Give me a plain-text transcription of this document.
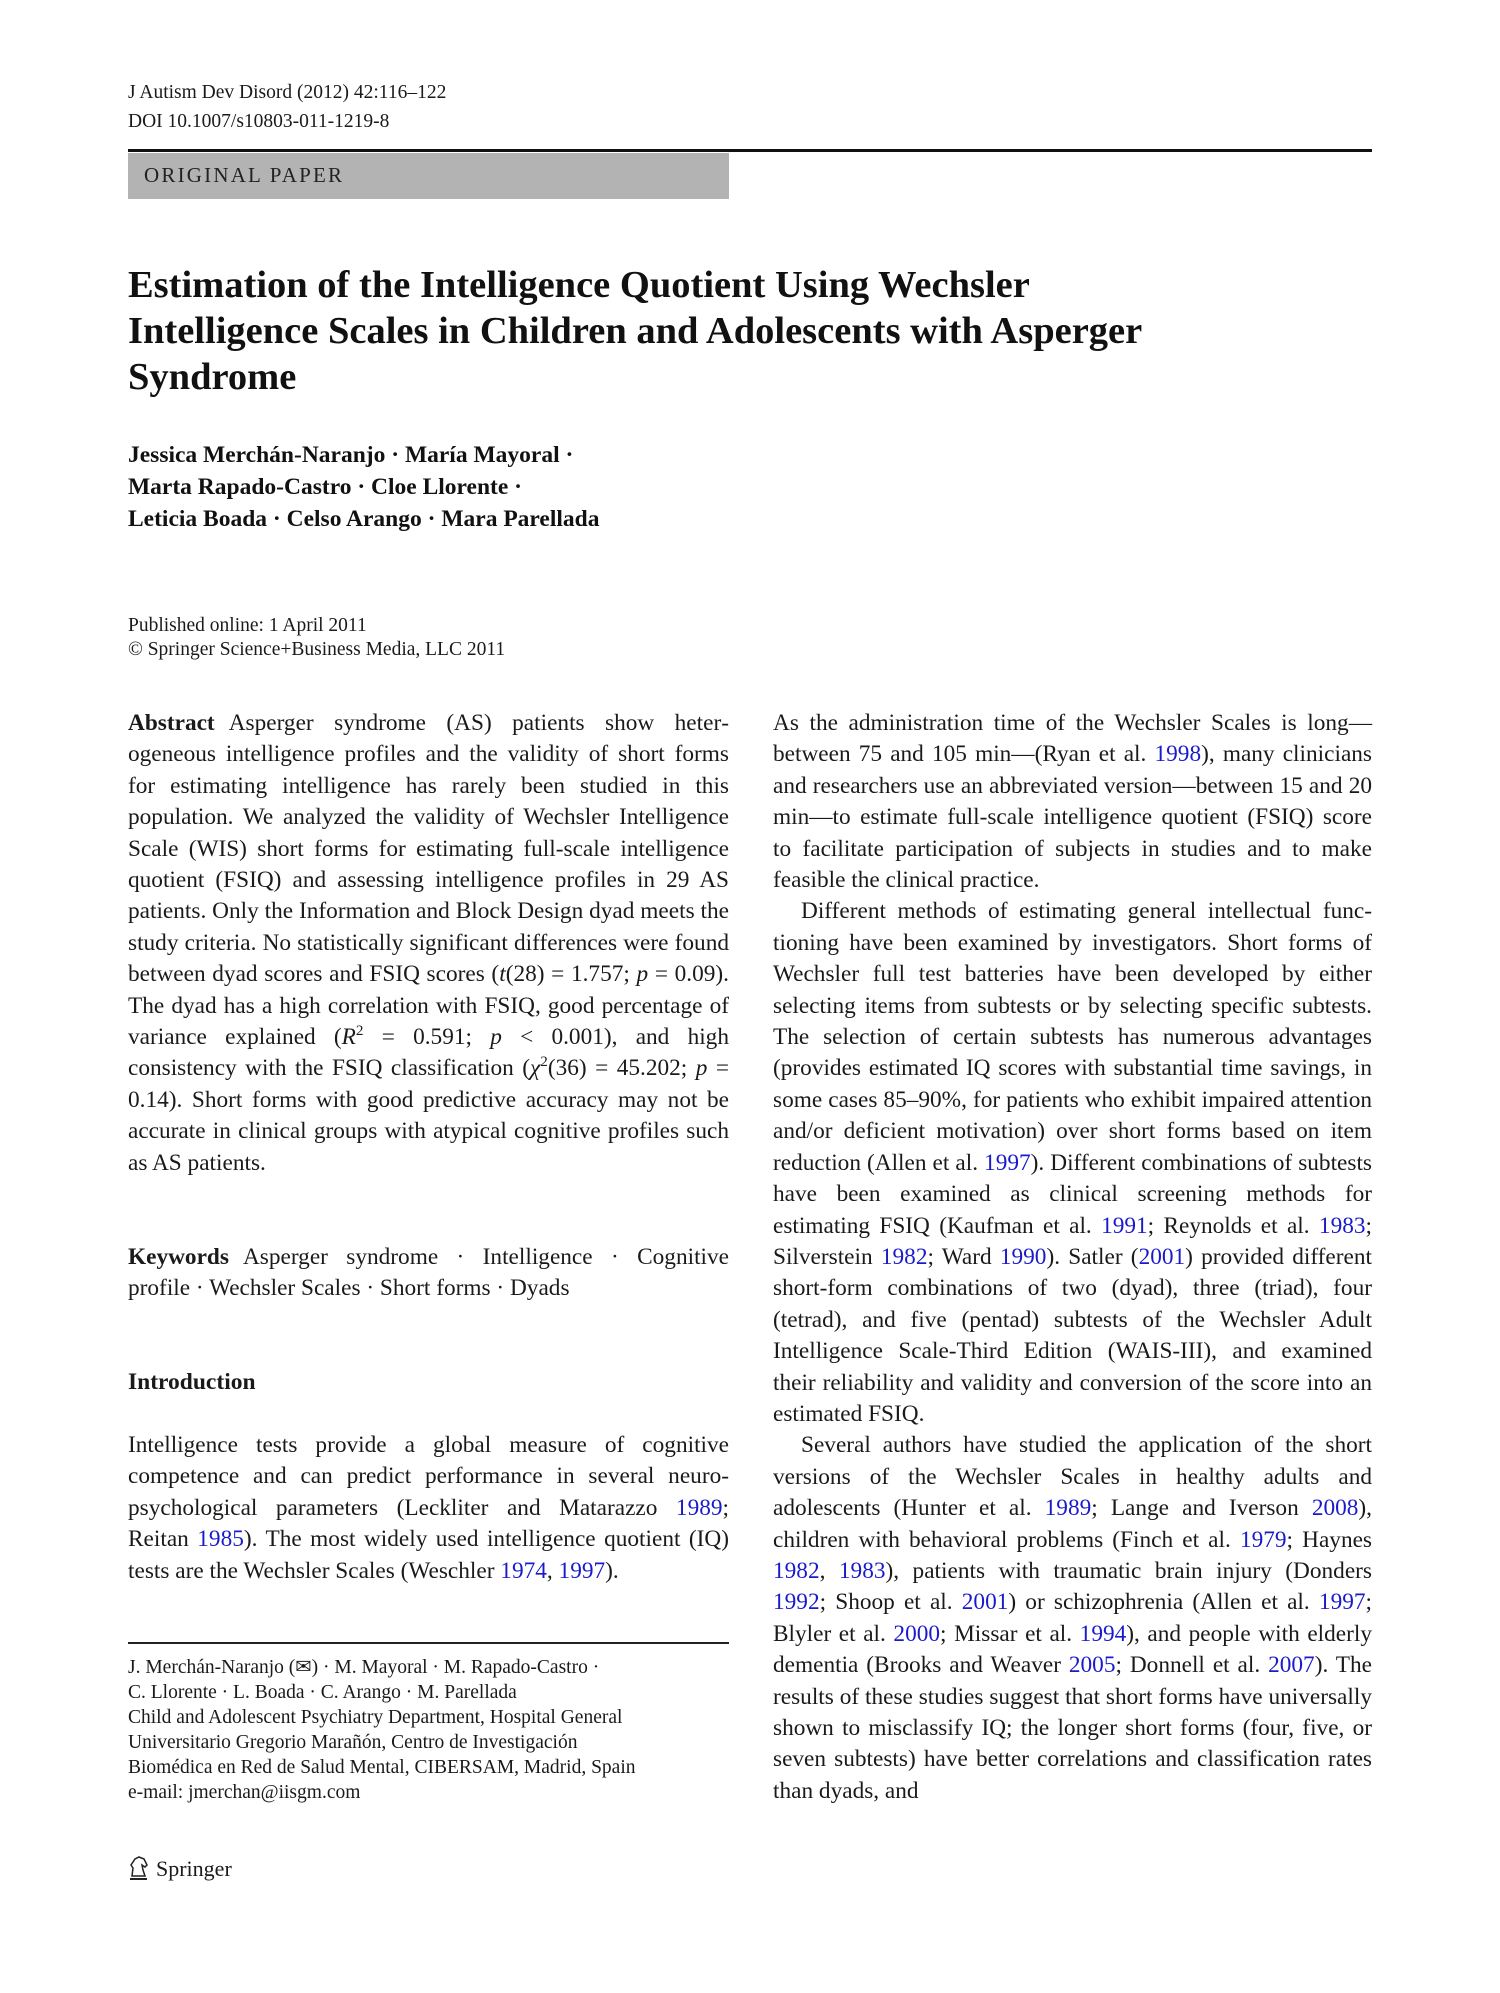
J Autism Dev Disord (2012) 42:116–122
DOI 10.1007/s10803-011-1219-8
ORIGINAL PAPER
Estimation of the Intelligence Quotient Using Wechsler
Intelligence Scales in Children and Adolescents with Asperger
Syndrome
Jessica Merchán-Naranjo · María Mayoral ·
Marta Rapado-Castro · Cloe Llorente ·
Leticia Boada · Celso Arango · Mara Parellada
Published online: 1 April 2011
© Springer Science+Business Media, LLC 2011

Abstract Asperger syndrome (AS) patients show heterogeneous intelligence profiles and the validity of short forms for estimating intelligence has rarely been studied in this population. We analyzed the validity of Wechsler Intelligence Scale (WIS) short forms for estimating full-scale intelligence quotient (FSIQ) and assessing intelligence profiles in 29 AS patients. Only the Information and Block Design dyad meets the study criteria. No statistically significant differences were found between dyad scores and FSIQ scores (t(28) = 1.757; p = 0.09). The dyad has a high correlation with FSIQ, good percentage of variance explained ($R^2 = 0.591$; p < 0.001), and high consistency with the FSIQ classification ($\chi^2(36) = 45.202$; p = 0.14). Short forms with good predictive accuracy may not be accurate in clinical groups with atypical cognitive profiles such as AS patients.

Keywords Asperger syndrome · Intelligence · Cognitive profile · Wechsler Scales · Short forms · Dyads

Introduction

Intelligence tests provide a global measure of cognitive competence and can predict performance in several neuropsychological parameters (Leckliter and Matarazzo 1989; Reitan 1985). The most widely used intelligence quotient (IQ) tests are the Wechsler Scales (Weschler 1974, 1997).

As the administration time of the Wechsler Scales is long—between 75 and 105 min—(Ryan et al. 1998), many clinicians and researchers use an abbreviated version—between 15 and 20 min—to estimate full-scale intelligence quotient (FSIQ) score to facilitate participation of subjects in studies and to make feasible the clinical practice.

Different methods of estimating general intellectual functioning have been examined by investigators. Short forms of Wechsler full test batteries have been developed by either selecting items from subtests or by selecting specific subtests. The selection of certain subtests has numerous advantages (provides estimated IQ scores with substantial time savings, in some cases 85–90%, for patients who exhibit impaired attention and/or deficient motivation) over short forms based on item reduction (Allen et al. 1997). Different combinations of subtests have been examined as clinical screening methods for estimating FSIQ (Kaufman et al. 1991; Reynolds et al. 1983; Silverstein 1982; Ward 1990). Satler (2001) provided different short-form combinations of two (dyad), three (triad), four (tetrad), and five (pentad) subtests of the Wechsler Adult Intelligence Scale-Third Edition (WAIS-III), and examined their reliability and validity and conversion of the score into an estimated FSIQ.

Several authors have studied the application of the short versions of the Wechsler Scales in healthy adults and adolescents (Hunter et al. 1989; Lange and Iverson 2008), children with behavioral problems (Finch et al. 1979; Haynes 1982, 1983), patients with traumatic brain injury (Donders 1992; Shoop et al. 2001) or schizophrenia (Allen et al. 1997; Blyler et al. 2000; Missar et al. 1994), and people with elderly dementia (Brooks and Weaver 2005; Donnell et al. 2007). The results of these studies suggest that short forms have universally shown to misclassify IQ; the longer short forms (four, five, or seven subtests) have better correlations and classification rates than dyads, and

J. Merchán-Naranjo (✉) · M. Mayoral · M. Rapado-Castro ·
C. Llorente · L. Boada · C. Arango · M. Parellada
Child and Adolescent Psychiatry Department, Hospital General
Universitario Gregorio Marañón, Centro de Investigación
Biomédica en Red de Salud Mental, CIBERSAM, Madrid, Spain
e-mail: jmerchan@iisgm.com
Springer
